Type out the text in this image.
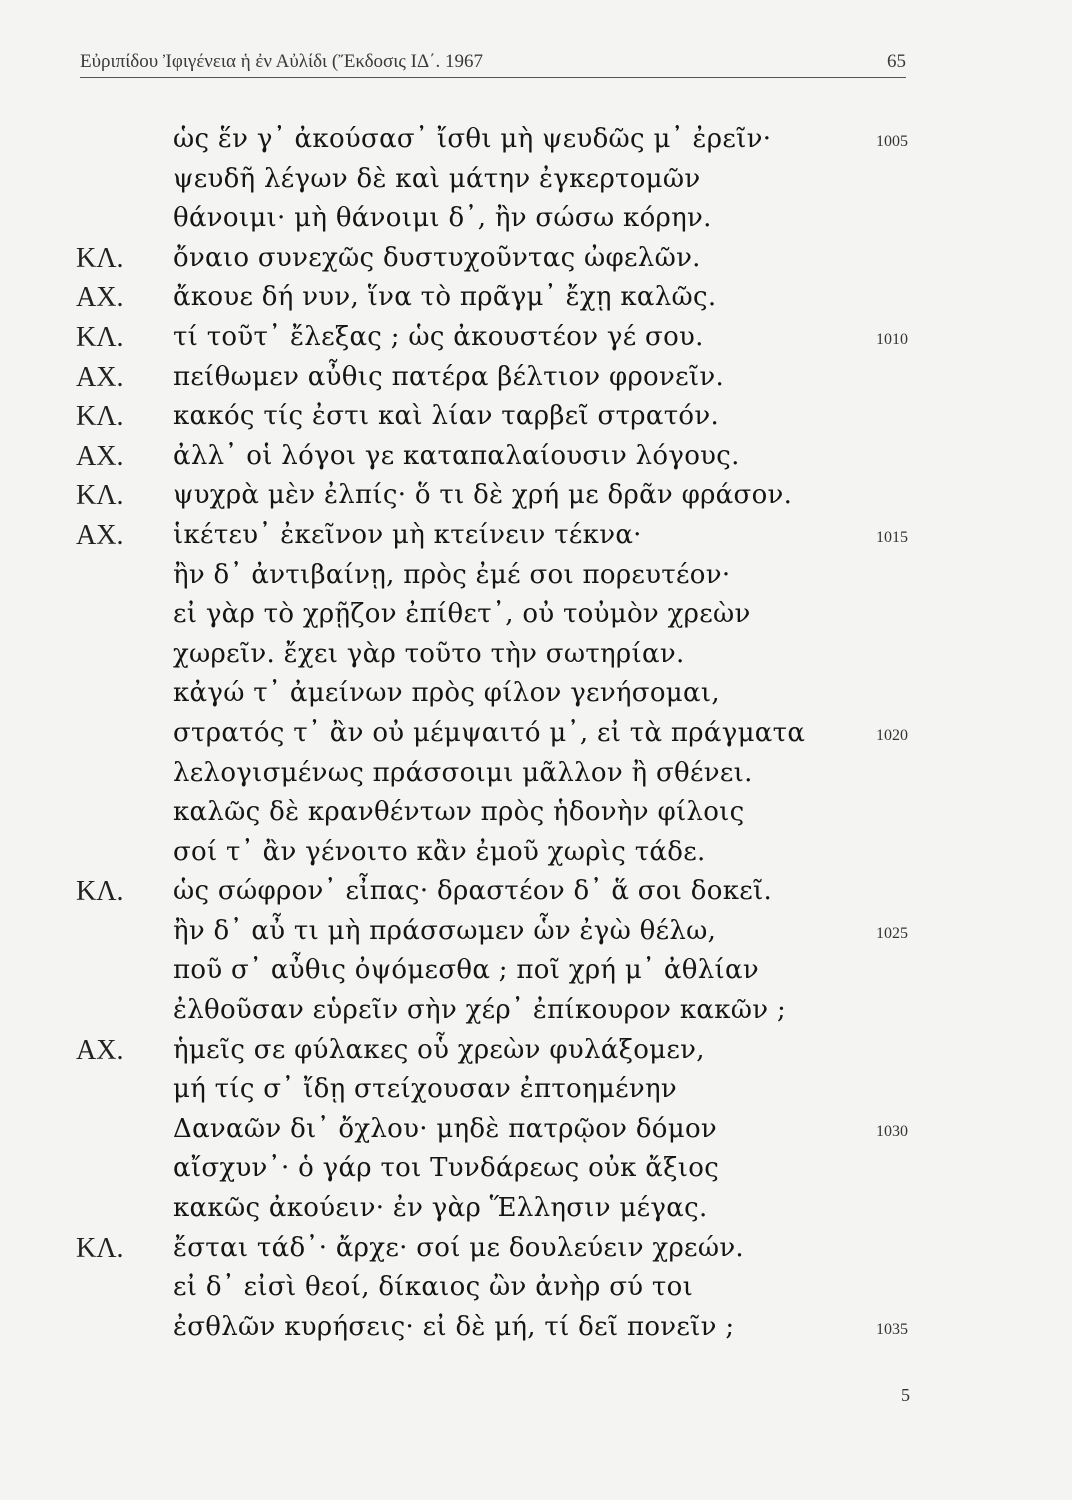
Εὐριπίδου Ἰφιγένεια ἡ ἐν Αὐλίδι (Ἔκδοσις ΙΔ΄. 1967	65
ὡς ἕν γ᾽ ἀκούσασ᾽ ἴσθι μὴ ψευδῶς μ᾽ ἐρεῖν·	1005
ψευδῆ λέγων δὲ καὶ μάτην ἐγκερτομῶν
θάνοιμι· μὴ θάνοιμι δ᾽, ἢν σώσω κόρην.
ΚΛ. ὄναιο συνεχῶς δυστυχοῦντας ὠφελῶν.
ΑΧ. ἄκουε δή νυν, ἵνα τὸ πρᾶγμ᾽ ἔχῃ καλῶς.
ΚΛ. τί τοῦτ᾽ ἔλεξας ; ὡς ἀκουστέον γέ σου.	1010
ΑΧ. πείθωμεν αὖθις πατέρα βέλτιον φρονεῖν.
ΚΛ. κακός τίς ἐστι καὶ λίαν ταρβεῖ στρατόν.
ΑΧ. ἀλλ᾽ οἱ λόγοι γε καταπαλαίουσιν λόγους.
ΚΛ. ψυχρὰ μὲν ἐλπίς· ὅ τι δὲ χρή με δρᾶν φράσον.
ΑΧ. ἱκέτευ᾽ ἐκεῖνον μὴ κτείνειν τέκνα·	1015
ἢν δ᾽ ἀντιβαίνῃ, πρὸς ἐμέ σοι πορευτέον·
εἰ γὰρ τὸ χρῇζον ἐπίθετ᾽, οὐ τοὐμὸν χρεὼν
χωρεῖν. ἔχει γὰρ τοῦτο τὴν σωτηρίαν.
κἀγώ τ᾽ ἀμείνων πρὸς φίλον γενήσομαι,
στρατός τ᾽ ἂν οὐ μέμψαιτό μ᾽, εἰ τὰ πράγματα	1020
λελογισμένως πράσσοιμι μᾶλλον ἢ σθένει.
καλῶς δὲ κρανθέντων πρὸς ἡδονὴν φίλοις
σοί τ᾽ ἂν γένοιτο κἂν ἐμοῦ χωρὶς τάδε.
ΚΛ. ὡς σώφρον᾽ εἶπας· δραστέον δ᾽ ἅ σοι δοκεῖ.
ἢν δ᾽ αὖ τι μὴ πράσσωμεν ὧν ἐγὼ θέλω,	1025
ποῦ σ᾽ αὖθις ὀψόμεσθα ; ποῖ χρή μ᾽ ἀθλίαν
ἐλθοῦσαν εὑρεῖν σὴν χέρ᾽ ἐπίκουρον κακῶν ;
ΑΧ. ἡμεῖς σε φύλακες οὗ χρεὼν φυλάξομεν,
μή τίς σ᾽ ἴδῃ στείχουσαν ἐπτοημένην
Δαναῶν δι᾽ ὄχλου· μηδὲ πατρῷον δόμον	1030
αἴσχυν᾽· ὁ γάρ τοι Τυνδάρεως οὐκ ἄξιος
κακῶς ἀκούειν· ἐν γὰρ Ἕλλησιν μέγας.
ΚΛ. ἔσται τάδ᾽· ἄρχε· σοί με δουλεύειν χρεών.
εἰ δ᾽ εἰσὶ θεοί, δίκαιος ὢν ἀνὴρ σύ τοι
ἐσθλῶν κυρήσεις· εἰ δὲ μή, τί δεῖ πονεῖν ;	1035
5
